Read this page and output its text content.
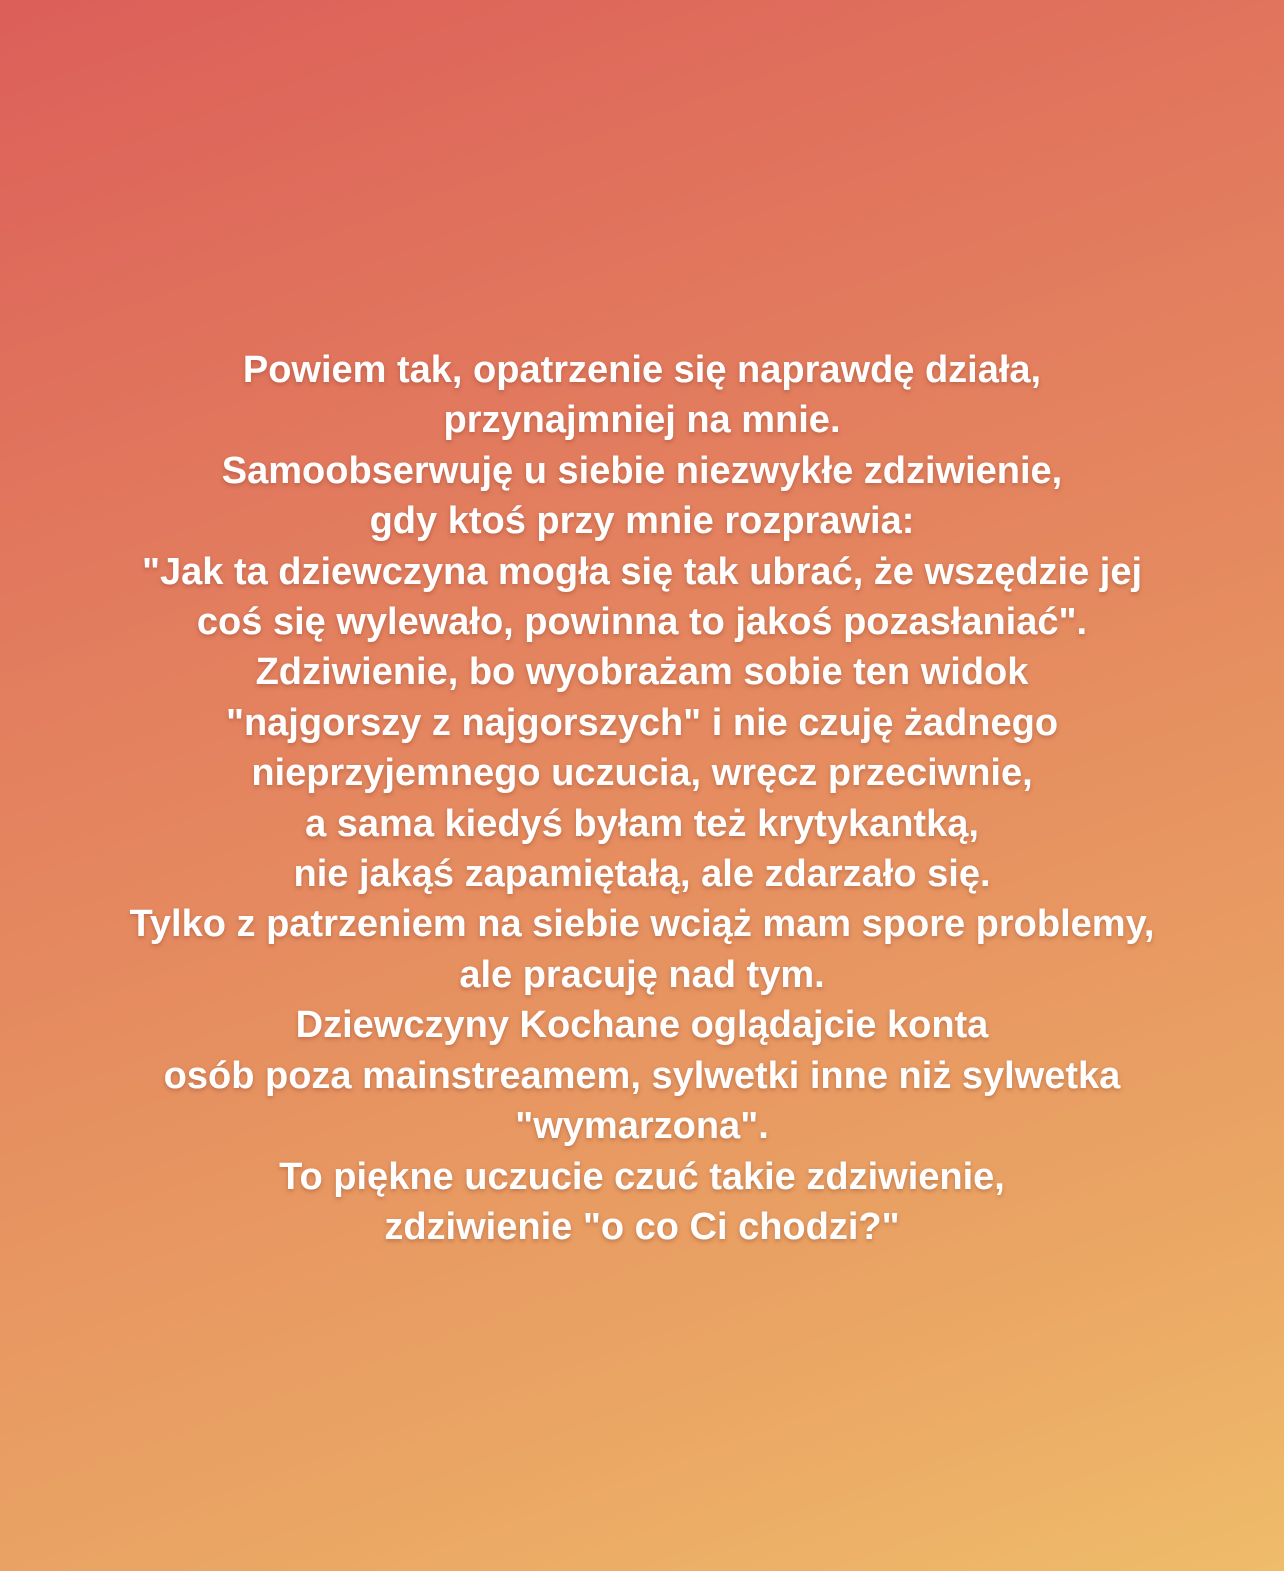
Powiem tak, opatrzenie się naprawdę działa,
przynajmniej na mnie.
Samoobserwuję u siebie niezwykłe zdziwienie,
gdy ktoś przy mnie rozprawia:
"Jak ta dziewczyna mogła się tak ubrać, że wszędzie jej
coś się wylewało, powinna to jakoś pozasłaniać".
Zdziwienie, bo wyobrażam sobie ten widok
"najgorszy z najgorszych" i nie czuję żadnego
nieprzyjemnego uczucia, wręcz przeciwnie,
a sama kiedyś byłam też krytykantką,
nie jakąś zapamiętałą, ale zdarzało się.
Tylko z patrzeniem na siebie wciąż mam spore problemy,
ale pracuję nad tym.
Dziewczyny Kochane oglądajcie konta
osób poza mainstreamem, sylwetki inne niż sylwetka
"wymarzona".
To piękne uczucie czuć takie zdziwienie,
zdziwienie "o co Ci chodzi?"
